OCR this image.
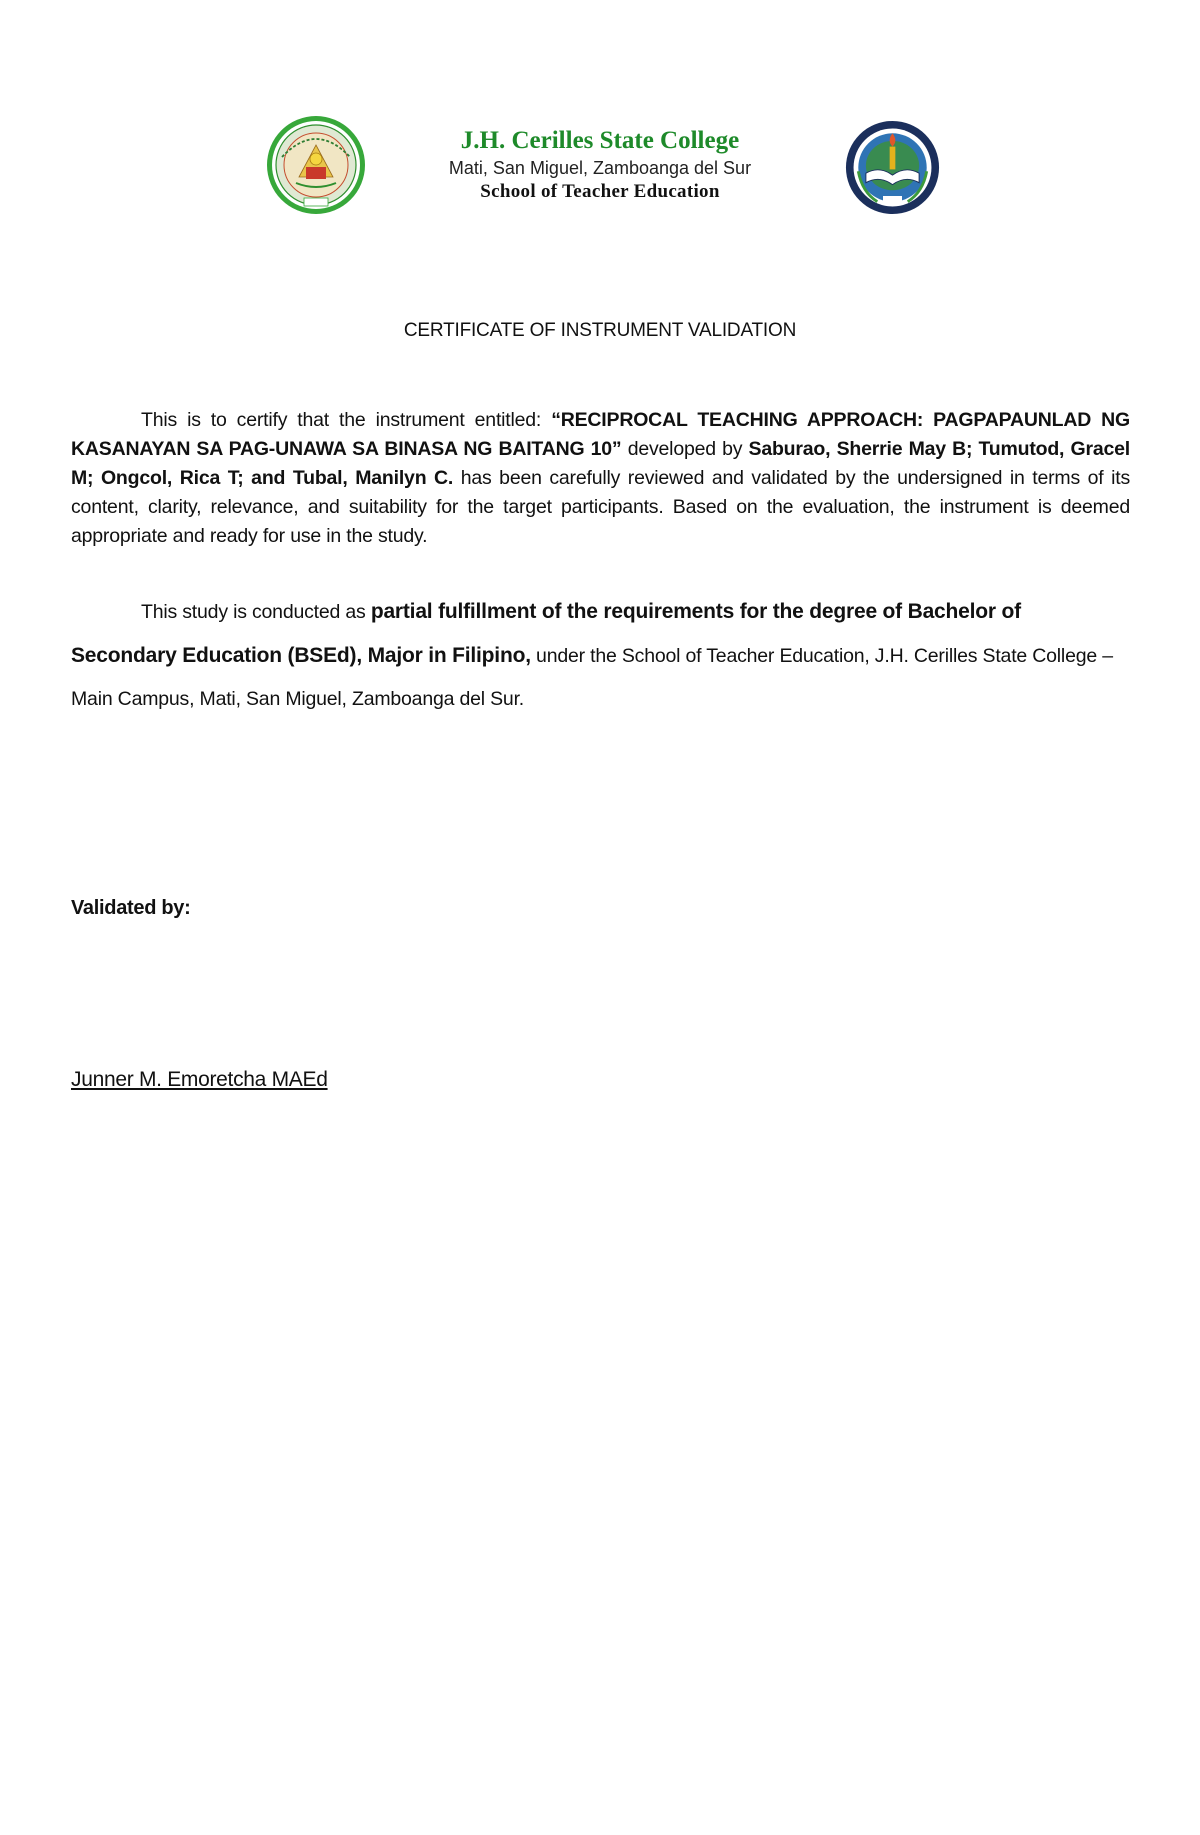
J.H. Cerilles State College
Mati, San Miguel, Zamboanga del Sur
School of Teacher Education
CERTIFICATE OF INSTRUMENT VALIDATION

This is to certify that the instrument entitled: “RECIPROCAL TEACHING APPROACH: PAGPAPAUNLAD NG KASANAYAN SA PAG-UNAWA SA BINASA NG BAITANG 10” developed by Saburao, Sherrie May B; Tumutod, Gracel M; Ongcol, Rica T; and Tubal, Manilyn C. has been carefully reviewed and validated by the undersigned in terms of its content, clarity, relevance, and suitability for the target participants. Based on the evaluation, the instrument is deemed appropriate and ready for use in the study.

This study is conducted as partial fulfillment of the requirements for the degree of Bachelor of Secondary Education (BSEd), Major in Filipino, under the School of Teacher Education, J.H. Cerilles State College – Main Campus, Mati, San Miguel, Zamboanga del Sur.

Validated by:
Junner M. Emoretcha MAEd
